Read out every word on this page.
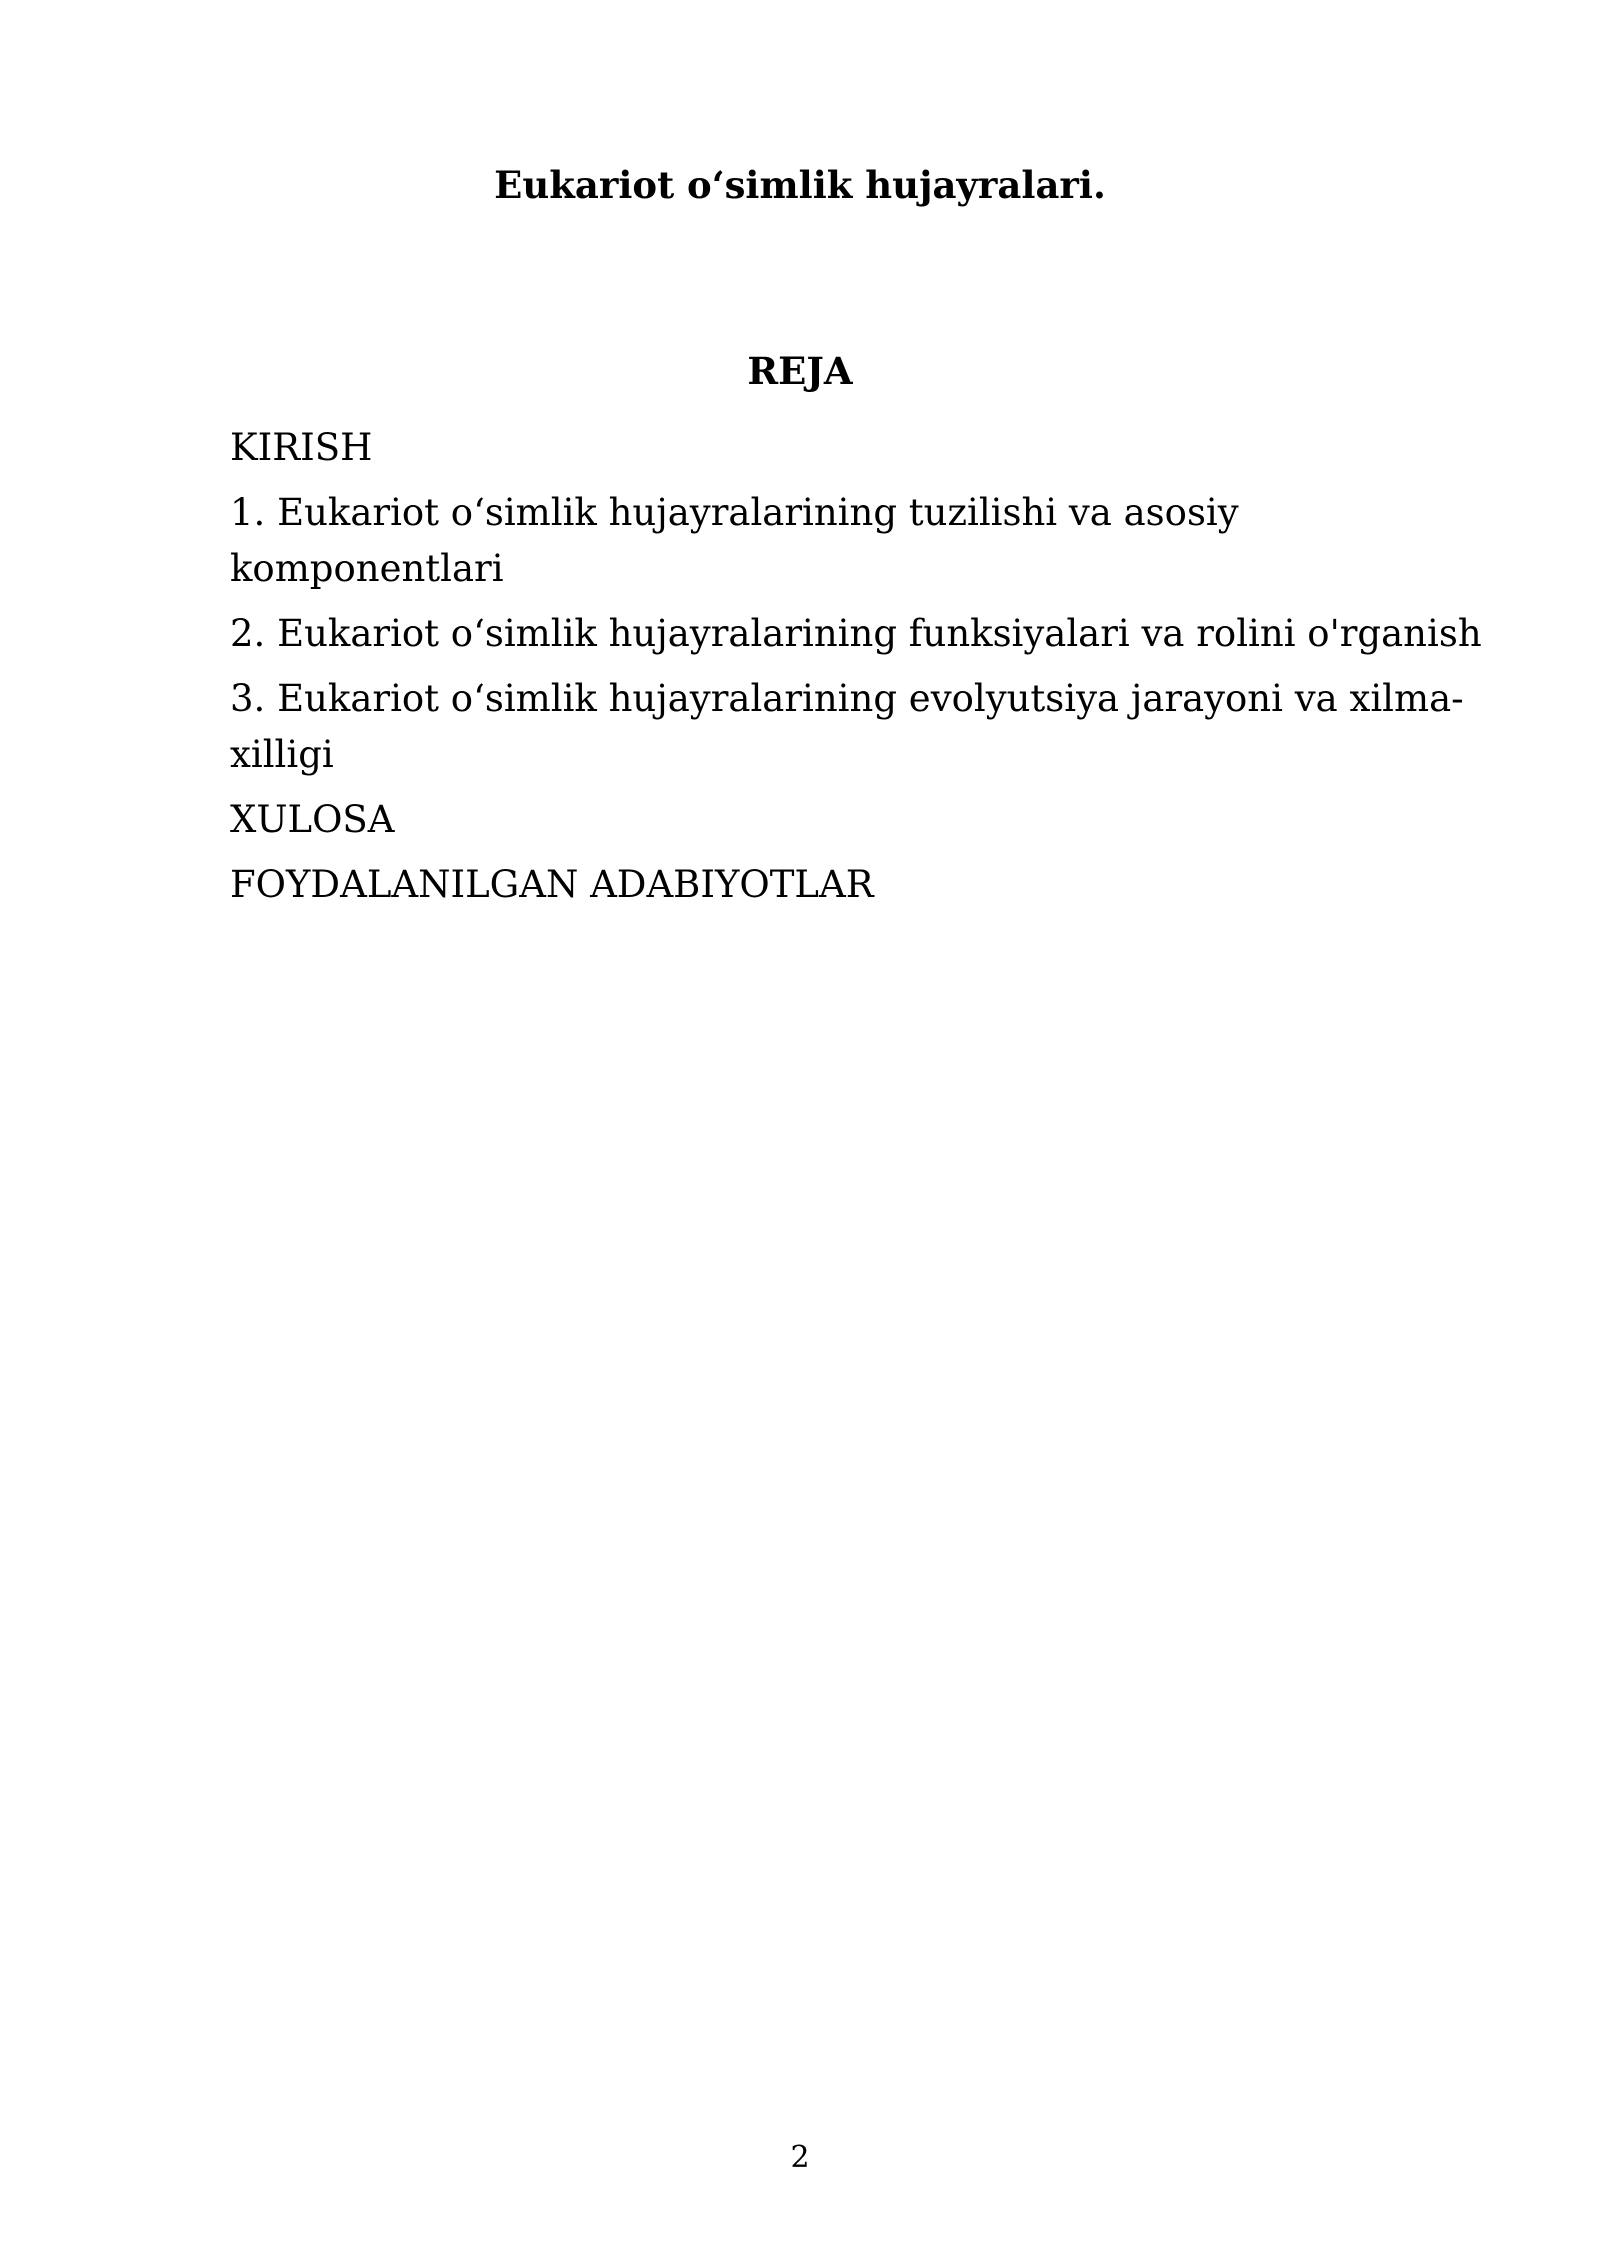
Eukariot o‘simlik hujayralari.
REJA
KIRISH
1. Eukariot o‘simlik hujayralarining tuzilishi va asosiy komponentlari
2. Eukariot o‘simlik hujayralarining funksiyalari va rolini o'rganish
3. Eukariot o‘simlik hujayralarining evolyutsiya jarayoni va xilma-xilligi
XULOSA
FOYDALANILGAN ADABIYOTLAR
2
